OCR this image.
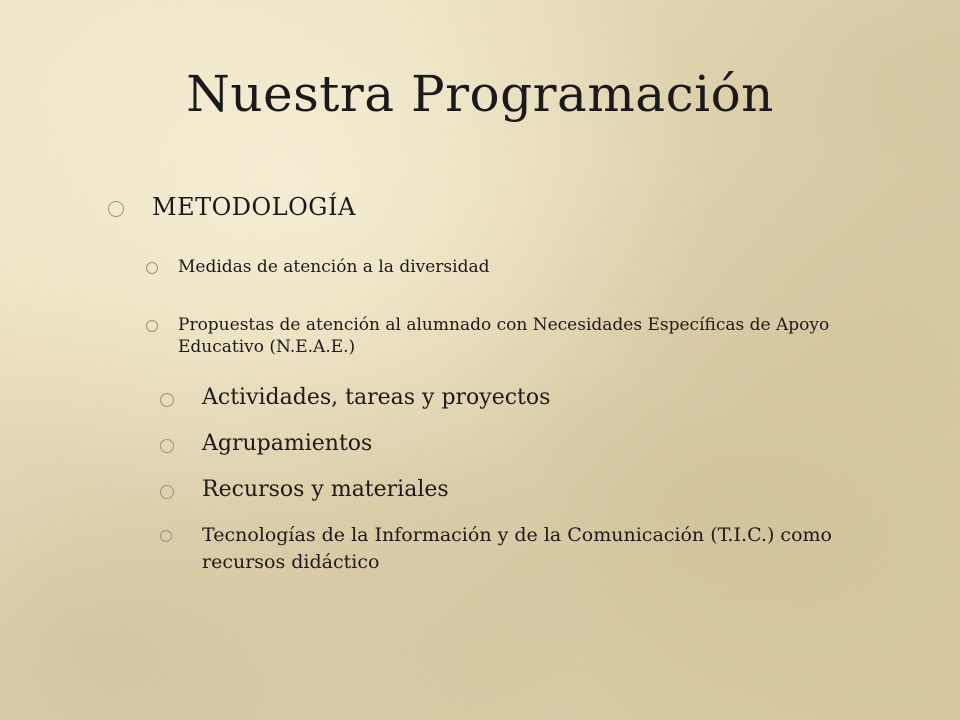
Nuestra Programación
METODOLOGÍA
Medidas de atención a la diversidad
Propuestas de atención al alumnado con Necesidades Específicas de Apoyo Educativo (N.E.A.E.)
Actividades, tareas y proyectos
Agrupamientos
Recursos y materiales
Tecnologías de la Información y de la Comunicación (T.I.C.) como recursos didáctico
